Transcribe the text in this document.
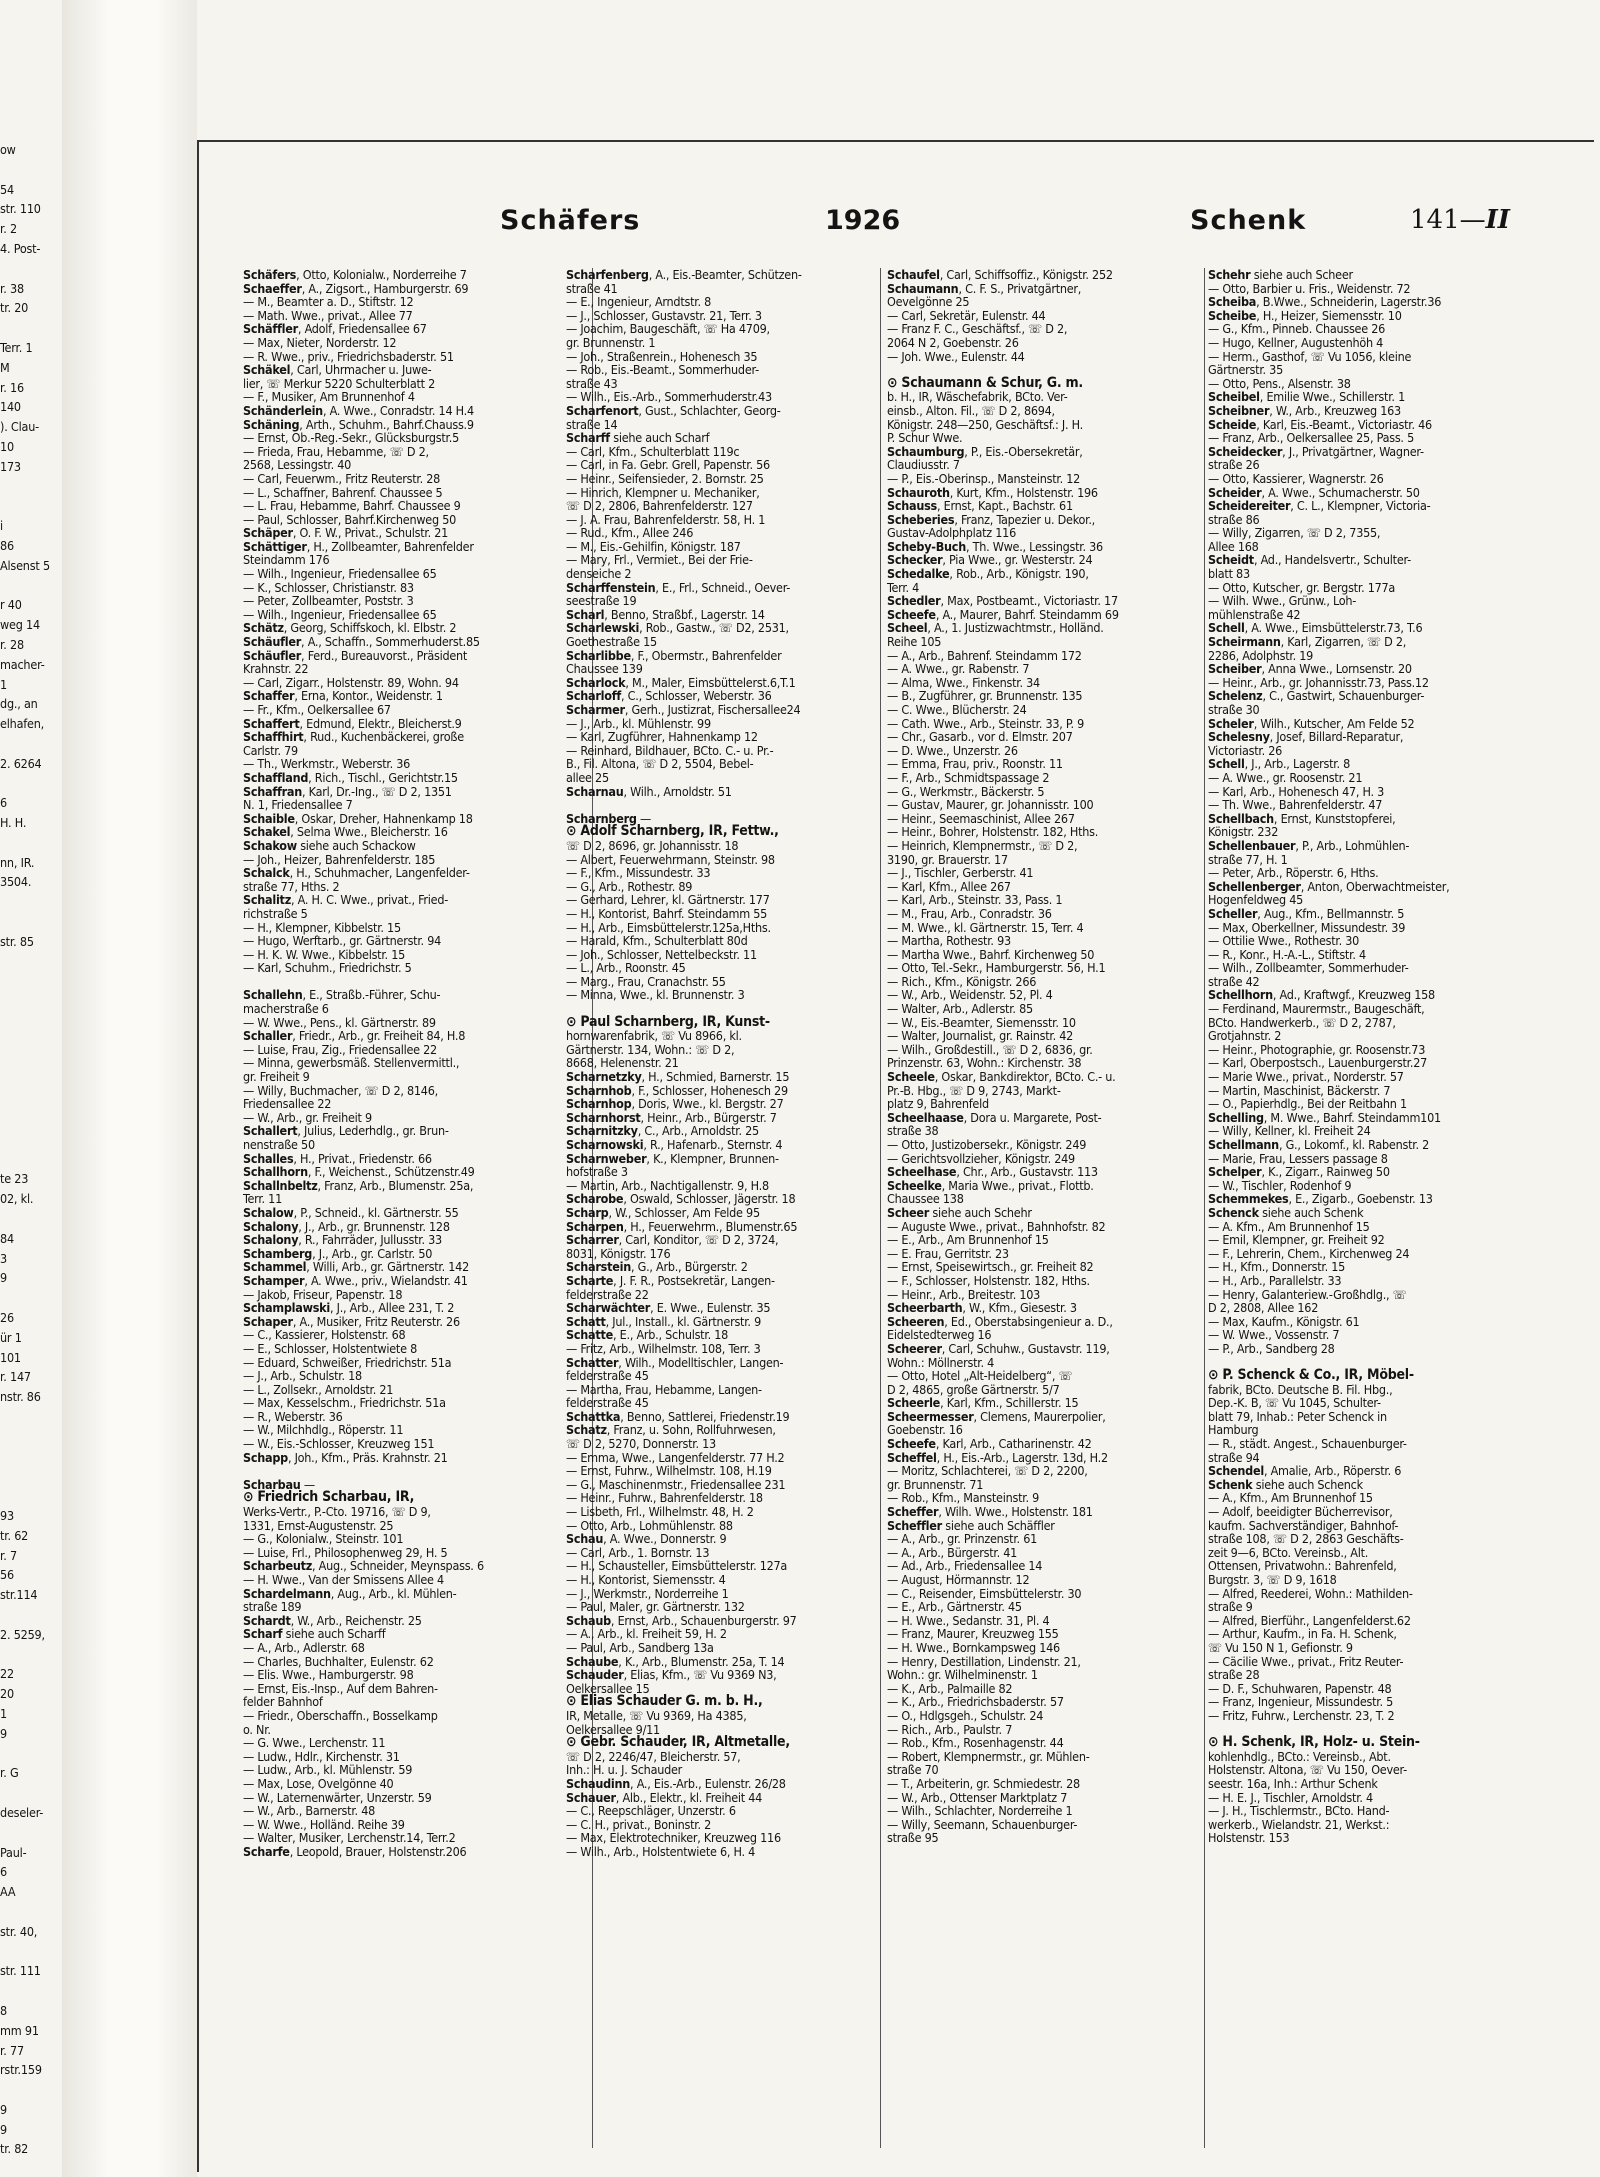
ow

54
str. 110
r. 2
4. Post-

r. 38
tr. 20

Terr. 1
M
r. 16
140
). Clau-
10
173

i
86
Alsenst 5

r 40
weg 14
r. 28
macher-
1
dg., an
elhafen,

2. 6264

6
H. H.

nn, IR.
3504.

str. 85

te 23
02, kl.

84
3
9

26
ür 1
101
r. 147
nstr. 86

93
tr. 62
r. 7
56
str.114

2. 5259,

22
20
1
9

r. G

deseler-

Paul-
6
AA

str. 40,

str. 111

8
mm 91
r. 77
rstr.159

9
9
tr. 82
Schäfers	1926	Schenk	141—II
Schäfers, Otto, Kolonialw., Norderreihe 7
Schaeffer, A., Zigsort., Hamburgerstr. 69
— M., Beamter a. D., Stiftstr. 12
— Math. Wwe., privat., Allee 77
Schäffler, Adolf, Friedensallee 67
— Max, Nieter, Norderstr. 12
— R. Wwe., priv., Friedrichsbaderstr. 51
Schäkel, Carl, Uhrmacher u. Juwe-
lier, ☏ Merkur 5220 Schulterblatt 2
— F., Musiker, Am Brunnenhof 4
Schänderlein, A. Wwe., Conradstr. 14 H.4
Schäning, Arth., Schuhm., Bahrf.Chauss.9
— Ernst, Ob.-Reg.-Sekr., Glücksburgstr.5
— Frieda, Frau, Hebamme, ☏ D 2,
2568, Lessingstr. 40
— Carl, Feuerwm., Fritz Reuterstr. 28
— L., Schaffner, Bahrenf. Chaussee 5
— L. Frau, Hebamme, Bahrf. Chaussee 9
— Paul, Schlosser, Bahrf.Kirchenweg 50
Schäper, O. F. W., Privat., Schulstr. 21
Schättiger, H., Zollbeamter, Bahrenfelder
Steindamm 176
— Wilh., Ingenieur, Friedensallee 65
— K., Schlosser, Christianstr. 83
— Peter, Zollbeamter, Poststr. 3
— Wilh., Ingenieur, Friedensallee 65
Schätz, Georg, Schiffskoch, kl. Elbstr. 2
Schäufler, A., Schaffn., Sommerhuderst.85
Schäufler, Ferd., Bureauvorst., Präsident
Krahnstr. 22
— Carl, Zigarr., Holstenstr. 89, Wohn. 94
Schaffer, Erna, Kontor., Weidenstr. 1
— Fr., Kfm., Oelkersallee 67
Schaffert, Edmund, Elektr., Bleicherst.9
Schaffhirt, Rud., Kuchenbäckerei, große
Carlstr. 79
— Th., Werkmstr., Weberstr. 36
Schaffland, Rich., Tischl., Gerichtstr.15
Schaffran, Karl, Dr.-Ing., ☏ D 2, 1351
N. 1, Friedensallee 7
Schaible, Oskar, Dreher, Hahnenkamp 18
Schakel, Selma Wwe., Bleicherstr. 16
Schakow siehe auch Schackow
— Joh., Heizer, Bahrenfelderstr. 185
Schalck, H., Schuhmacher, Langenfelder-
straße 77, Hths. 2
Schalitz, A. H. C. Wwe., privat., Fried-
richstraße 5
— H., Klempner, Kibbelstr. 15
— Hugo, Werftarb., gr. Gärtnerstr. 94
— H. K. W. Wwe., Kibbelstr. 15
— Karl, Schuhm., Friedrichstr. 5

Schallehn, E., Straßb.-Führer, Schu-
macherstraße 6
— W. Wwe., Pens., kl. Gärtnerstr. 89
Schaller, Friedr., Arb., gr. Freiheit 84, H.8
— Luise, Frau, Zig., Friedensallee 22
— Minna, gewerbsmäß. Stellenvermittl.,
gr. Freiheit 9
— Willy, Buchmacher, ☏ D 2, 8146,
Friedensallee 22
— W., Arb., gr. Freiheit 9
Schallert, Julius, Lederhdlg., gr. Brun-
nenstraße 50
Schalles, H., Privat., Friedenstr. 66
Schallhorn, F., Weichenst., Schützenstr.49
Schallnbeltz, Franz, Arb., Blumenstr. 25a,
Terr. 11
Schalow, P., Schneid., kl. Gärtnerstr. 55
Schalony, J., Arb., gr. Brunnenstr. 128
Schalony, R., Fahrräder, Jullusstr. 33
Schamberg, J., Arb., gr. Carlstr. 50
Schammel, Willi, Arb., gr. Gärtnerstr. 142
Schamper, A. Wwe., priv., Wielandstr. 41
— Jakob, Friseur, Papenstr. 18
Schamplawski, J., Arb., Allee 231, T. 2
Schaper, A., Musiker, Fritz Reuterstr. 26
— C., Kassierer, Holstenstr. 68
— E., Schlosser, Holstentwiete 8
— Eduard, Schweißer, Friedrichstr. 51a
— J., Arb., Schulstr. 18
— L., Zollsekr., Arnoldstr. 21
— Max, Kesselschm., Friedrichstr. 51a
— R., Weberstr. 36
— W., Milchhdlg., Röperstr. 11
— W., Eis.-Schlosser, Kreuzweg 151
Schapp, Joh., Kfm., Präs. Krahnstr. 21

Scharbau —
⊙ Friedrich Scharbau, IR,
Werks-Vertr., P.-Cto. 19716, ☏ D 9,
1331, Ernst-Augustenstr. 25
— G., Kolonialw., Steinstr. 101
— Luise, Frl., Philosophenweg 29, H. 5
Scharbeutz, Aug., Schneider, Meynspass. 6
— H. Wwe., Van der Smissens Allee 4
Schardelmann, Aug., Arb., kl. Mühlen-
straße 189
Schardt, W., Arb., Reichenstr. 25
Scharf siehe auch Scharff
— A., Arb., Adlerstr. 68
— Charles, Buchhalter, Eulenstr. 62
— Elis. Wwe., Hamburgerstr. 98
— Ernst, Eis.-Insp., Auf dem Bahren-
felder Bahnhof
— Friedr., Oberschaffn., Bosselkamp
o. Nr.
— G. Wwe., Lerchenstr. 11
— Ludw., Hdlr., Kirchenstr. 31
— Ludw., Arb., kl. Mühlenstr. 59
— Max, Lose, Ovelgönne 40
— W., Laternenwärter, Unzerstr. 59
— W., Arb., Barnerstr. 48
— W. Wwe., Holländ. Reihe 39
— Walter, Musiker, Lerchenstr.14, Terr.2
Scharfe, Leopold, Brauer, Holstenstr.206
Scharfenberg, A., Eis.-Beamter, Schützen-
straße 41
— E., Ingenieur, Arndtstr. 8
— J., Schlosser, Gustavstr. 21, Terr. 3
— Joachim, Baugeschäft, ☏ Ha 4709,
gr. Brunnenstr. 1
— Joh., Straßenrein., Hohenesch 35
— Rob., Eis.-Beamt., Sommerhuder-
straße 43
— Wilh., Eis.-Arb., Sommerhuderstr.43
Scharfenort, Gust., Schlachter, Georg-
straße 14
Scharff siehe auch Scharf
— Carl, Kfm., Schulterblatt 119c
— Carl, in Fa. Gebr. Grell, Papenstr. 56
— Heinr., Seifensieder, 2. Bornstr. 25
— Hinrich, Klempner u. Mechaniker,
☏ D 2, 2806, Bahrenfelderstr. 127
— J. A. Frau, Bahrenfelderstr. 58, H. 1
— Rud., Kfm., Allee 246
— M., Eis.-Gehilfin, Königstr. 187
— Mary, Frl., Vermiet., Bei der Frie-
denseiche 2
Scharffenstein, E., Frl., Schneid., Oever-
seestraße 19
Scharl, Benno, Straßbf., Lagerstr. 14
Scharlewski, Rob., Gastw., ☏ D2, 2531,
Goethestraße 15
Scharlibbe, F., Obermstr., Bahrenfelder
Chaussee 139
Scharlock, M., Maler, Eimsbüttelerst.6,T.1
Scharloff, C., Schlosser, Weberstr. 36
Scharmer, Gerh., Justizrat, Fischersallee24
— J., Arb., kl. Mühlenstr. 99
— Karl, Zugführer, Hahnenkamp 12
— Reinhard, Bildhauer, BCto. C.- u. Pr.-
B., Fil. Altona, ☏ D 2, 5504, Bebel-
allee 25
Scharnau, Wilh., Arnoldstr. 51

Scharnberg —
⊙ Adolf Scharnberg, IR, Fettw.,
☏ D 2, 8696, gr. Johannisstr. 18
— Albert, Feuerwehrmann, Steinstr. 98
— F., Kfm., Missundestr. 33
— G., Arb., Rothestr. 89
— Gerhard, Lehrer, kl. Gärtnerstr. 177
— H., Kontorist, Bahrf. Steindamm 55
— H., Arb., Eimsbüttelerstr.125a,Hths.
— Harald, Kfm., Schulterblatt 80d
— Joh., Schlosser, Nettelbeckstr. 11
— L., Arb., Roonstr. 45
— Marg., Frau, Cranachstr. 55
— Minna, Wwe., kl. Brunnenstr. 3

⊙ Paul Scharnberg, IR, Kunst-
hornwarenfabrik, ☏ Vu 8966, kl.
Gärtnerstr. 134, Wohn.: ☏ D 2,
8668, Helenenstr. 21
Scharnetzky, H., Schmied, Barnerstr. 15
Scharnhob, F., Schlosser, Hohenesch 29
Scharnhop, Doris, Wwe., kl. Bergstr. 27
Scharnhorst, Heinr., Arb., Bürgerstr. 7
Scharnitzky, C., Arb., Arnoldstr. 25
Scharnowski, R., Hafenarb., Sternstr. 4
Scharnweber, K., Klempner, Brunnen-
hofstraße 3
— Martin, Arb., Nachtigallenstr. 9, H.8
Scharobe, Oswald, Schlosser, Jägerstr. 18
Scharp, W., Schlosser, Am Felde 95
Scharpen, H., Feuerwehrm., Blumenstr.65
Scharrer, Carl, Konditor, ☏ D 2, 3724,
8031, Königstr. 176
Scharstein, G., Arb., Bürgerstr. 2
Scharte, J. F. R., Postsekretär, Langen-
felderstraße 22
Scharwächter, E. Wwe., Eulenstr. 35
Schatt, Jul., Install., kl. Gärtnerstr. 9
Schatte, E., Arb., Schulstr. 18
— Fritz, Arb., Wilhelmstr. 108, Terr. 3
Schatter, Wilh., Modelltischler, Langen-
felderstraße 45
— Martha, Frau, Hebamme, Langen-
felderstraße 45
Schattka, Benno, Sattlerei, Friedenstr.19
Schatz, Franz, u. Sohn, Rollfuhrwesen,
☏ D 2, 5270, Donnerstr. 13
— Emma, Wwe., Langenfelderstr. 77 H.2
— Ernst, Fuhrw., Wilhelmstr. 108, H.19
— G., Maschinenmstr., Friedensallee 231
— Heinr., Fuhrw., Bahrenfelderstr. 18
— Lisbeth, Frl., Wilhelmstr. 48, H. 2
— Otto, Arb., Lohmühlenstr. 88
Schau, A. Wwe., Donnerstr. 9
— Carl, Arb., 1. Bornstr. 13
— H., Schausteller, Eimsbüttelerstr. 127a
— H., Kontorist, Siemensstr. 4
— J., Werkmstr., Norderreihe 1
— Paul, Maler, gr. Gärtnerstr. 132
Schaub, Ernst, Arb., Schauenburgerstr. 97
— A., Arb., kl. Freiheit 59, H. 2
— Paul, Arb., Sandberg 13a
Schaube, K., Arb., Blumenstr. 25a, T. 14
Schauder, Elias, Kfm., ☏ Vu 9369 N3,
Oelkersallee 15
⊙ Elias Schauder G. m. b. H.,
IR, Metalle, ☏ Vu 9369, Ha 4385,
Oelkersallee 9/11
⊙ Gebr. Schauder, IR, Altmetalle,
☏ D 2, 2246/47, Bleicherstr. 57,
Inh.: H. u. J. Schauder
Schaudinn, A., Eis.-Arb., Eulenstr. 26/28
Schauer, Alb., Elektr., kl. Freiheit 44
— C., Reepschläger, Unzerstr. 6
— C. H., privat., Boninstr. 2
— Max, Elektrotechniker, Kreuzweg 116
— Wilh., Arb., Holstentwiete 6, H. 4
Schaufel, Carl, Schiffsoffiz., Königstr. 252
Schaumann, C. F. S., Privatgärtner,
Oevelgönne 25
— Carl, Sekretär, Eulenstr. 44
— Franz F. C., Geschäftsf., ☏ D 2,
2064 N 2, Goebenstr. 26
— Joh. Wwe., Eulenstr. 44

⊙ Schaumann & Schur, G. m.
b. H., IR, Wäschefabrik, BCto. Ver-
einsb., Alton. Fil., ☏ D 2, 8694,
Königstr. 248—250, Geschäftsf.: J. H.
P. Schur Wwe.
Schaumburg, P., Eis.-Obersekretär,
Claudiusstr. 7
— P., Eis.-Oberinsp., Mansteinstr. 12
Schauroth, Kurt, Kfm., Holstenstr. 196
Schauss, Ernst, Kapt., Bachstr. 61
Scheberies, Franz, Tapezier u. Dekor.,
Gustav-Adolphplatz 116
Scheby-Buch, Th. Wwe., Lessingstr. 36
Schecker, Pia Wwe., gr. Westerstr. 24
Schedalke, Rob., Arb., Königstr. 190,
Terr. 4
Schedler, Max, Postbeamt., Victoriastr. 17
Scheefe, A., Maurer, Bahrf. Steindamm 69
Scheel, A., 1. Justizwachtmstr., Holländ.
Reihe 105
— A., Arb., Bahrenf. Steindamm 172
— A. Wwe., gr. Rabenstr. 7
— Alma, Wwe., Finkenstr. 34
— B., Zugführer, gr. Brunnenstr. 135
— C. Wwe., Blücherstr. 24
— Cath. Wwe., Arb., Steinstr. 33, P. 9
— Chr., Gasarb., vor d. Elmstr. 207
— D. Wwe., Unzerstr. 26
— Emma, Frau, priv., Roonstr. 11
— F., Arb., Schmidtspassage 2
— G., Werkmstr., Bäckerstr. 5
— Gustav, Maurer, gr. Johannisstr. 100
— Heinr., Seemaschinist, Allee 267
— Heinr., Bohrer, Holstenstr. 182, Hths.
— Heinrich, Klempnermstr., ☏ D 2,
3190, gr. Brauerstr. 17
— J., Tischler, Gerberstr. 41
— Karl, Kfm., Allee 267
— Karl, Arb., Steinstr. 33, Pass. 1
— M., Frau, Arb., Conradstr. 36
— M. Wwe., kl. Gärtnerstr. 15, Terr. 4
— Martha, Rothestr. 93
— Martha Wwe., Bahrf. Kirchenweg 50
— Otto, Tel.-Sekr., Hamburgerstr. 56, H.1
— Rich., Kfm., Königstr. 266
— W., Arb., Weidenstr. 52, Pl. 4
— Walter, Arb., Adlerstr. 85
— W., Eis.-Beamter, Siemensstr. 10
— Walter, Journalist, gr. Rainstr. 42
— Wilh., Großdestill., ☏ D 2, 6836, gr.
Prinzenstr. 63, Wohn.: Kirchenstr. 38
Scheele, Oskar, Bankdirektor, BCto. C.- u.
Pr.-B. Hbg., ☏ D 9, 2743, Markt-
platz 9, Bahrenfeld
Scheelhaase, Dora u. Margarete, Post-
straße 38
— Otto, Justizobersekr., Königstr. 249
— Gerichtsvollzieher, Königstr. 249
Scheelhase, Chr., Arb., Gustavstr. 113
Scheelke, Maria Wwe., privat., Flottb.
Chaussee 138
Scheer siehe auch Schehr
— Auguste Wwe., privat., Bahnhofstr. 82
— E., Arb., Am Brunnenhof 15
— E. Frau, Gerritstr. 23
— Ernst, Speisewirtsch., gr. Freiheit 82
— F., Schlosser, Holstenstr. 182, Hths.
— Heinr., Arb., Breitestr. 103
Scheerbarth, W., Kfm., Giesestr. 3
Scheeren, Ed., Oberstabsingenieur a. D.,
Eidelstedterweg 16
Scheerer, Carl, Schuhw., Gustavstr. 119,
Wohn.: Möllnerstr. 4
— Otto, Hotel „Alt-Heidelberg“, ☏
D 2, 4865, große Gärtnerstr. 5/7
Scheerle, Karl, Kfm., Schillerstr. 15
Scheermesser, Clemens, Maurerpolier,
Goebenstr. 16
Scheefe, Karl, Arb., Catharinenstr. 42
Scheffel, H., Eis.-Arb., Lagerstr. 13d, H.2
— Moritz, Schlachterei, ☏ D 2, 2200,
gr. Brunnenstr. 71
— Rob., Kfm., Mansteinstr. 9
Scheffer, Wilh. Wwe., Holstenstr. 181
Scheffler siehe auch Schäffler
— A., Arb., gr. Prinzenstr. 61
— A., Arb., Bürgerstr. 41
— Ad., Arb., Friedensallee 14
— August, Hörmannstr. 12
— C., Reisender, Eimsbüttelerstr. 30
— E., Arb., Gärtnerstr. 45
— H. Wwe., Sedanstr. 31, Pl. 4
— Franz, Maurer, Kreuzweg 155
— H. Wwe., Bornkampsweg 146
— Henry, Destillation, Lindenstr. 21,
Wohn.: gr. Wilhelminenstr. 1
— K., Arb., Palmaille 82
— K., Arb., Friedrichsbaderstr. 57
— O., Hdlgsgeh., Schulstr. 24
— Rich., Arb., Paulstr. 7
— Rob., Kfm., Rosenhagenstr. 44
— Robert, Klempnermstr., gr. Mühlen-
straße 70
— T., Arbeiterin, gr. Schmiedestr. 28
— W., Arb., Ottenser Marktplatz 7
— Wilh., Schlachter, Norderreihe 1
— Willy, Seemann, Schauenburger-
straße 95
Schehr siehe auch Scheer
— Otto, Barbier u. Fris., Weidenstr. 72
Scheiba, B.Wwe., Schneiderin, Lagerstr.36
Scheibe, H., Heizer, Siemensstr. 10
— G., Kfm., Pinneb. Chaussee 26
— Hugo, Kellner, Augustenhöh 4
— Herm., Gasthof, ☏ Vu 1056, kleine
Gärtnerstr. 35
— Otto, Pens., Alsenstr. 38
Scheibel, Emilie Wwe., Schillerstr. 1
Scheibner, W., Arb., Kreuzweg 163
Scheide, Karl, Eis.-Beamt., Victoriastr. 46
— Franz, Arb., Oelkersallee 25, Pass. 5
Scheidecker, J., Privatgärtner, Wagner-
straße 26
— Otto, Kassierer, Wagnerstr. 26
Scheider, A. Wwe., Schumacherstr. 50
Scheidereiter, C. L., Klempner, Victoria-
straße 86
— Willy, Zigarren, ☏ D 2, 7355,
Allee 168
Scheidt, Ad., Handelsvertr., Schulter-
blatt 83
— Otto, Kutscher, gr. Bergstr. 177a
— Wilh. Wwe., Grünw., Loh-
mühlenstraße 42
Schell, A. Wwe., Eimsbüttelerstr.73, T.6
Scheirmann, Karl, Zigarren, ☏ D 2,
2286, Adolphstr. 19
Scheiber, Anna Wwe., Lornsenstr. 20
— Heinr., Arb., gr. Johannisstr.73, Pass.12
Schelenz, C., Gastwirt, Schauenburger-
straße 30
Scheler, Wilh., Kutscher, Am Felde 52
Schelesny, Josef, Billard-Reparatur,
Victoriastr. 26
Schell, J., Arb., Lagerstr. 8
— A. Wwe., gr. Roosenstr. 21
— Karl, Arb., Hohenesch 47, H. 3
— Th. Wwe., Bahrenfelderstr. 47
Schellbach, Ernst, Kunststopferei,
Königstr. 232
Schellenbauer, P., Arb., Lohmühlen-
straße 77, H. 1
— Peter, Arb., Röperstr. 6, Hths.
Schellenberger, Anton, Oberwachtmeister,
Hogenfeldweg 45
Scheller, Aug., Kfm., Bellmannstr. 5
— Max, Oberkellner, Missundestr. 39
— Ottilie Wwe., Rothestr. 30
— R., Konr., H.-A.-L., Stiftstr. 4
— Wilh., Zollbeamter, Sommerhuder-
straße 42
Schellhorn, Ad., Kraftwgf., Kreuzweg 158
— Ferdinand, Maurermstr., Baugeschäft,
BCto. Handwerkerb., ☏ D 2, 2787,
Grotjahnstr. 2
— Heinr., Photographie, gr. Roosenstr.73
— Karl, Oberpostsch., Lauenburgerstr.27
— Marie Wwe., privat., Norderstr. 57
— Martin, Maschinist, Bäckerstr. 7
— O., Papierhdlg., Bei der Reitbahn 1
Schelling, M. Wwe., Bahrf. Steindamm101
— Willy, Kellner, kl. Freiheit 24
Schellmann, G., Lokomf., kl. Rabenstr. 2
— Marie, Frau, Lessers passage 8
Schelper, K., Zigarr., Rainweg 50
— W., Tischler, Rodenhof 9
Schemmekes, E., Zigarb., Goebenstr. 13
Schenck siehe auch Schenk
— A. Kfm., Am Brunnenhof 15
— Emil, Klempner, gr. Freiheit 92
— F., Lehrerin, Chem., Kirchenweg 24
— H., Kfm., Donnerstr. 15
— H., Arb., Parallelstr. 33
— Henry, Galanteriew.-Großhdlg., ☏
D 2, 2808, Allee 162
— Max, Kaufm., Königstr. 61
— W. Wwe., Vossenstr. 7
— P., Arb., Sandberg 28

⊙ P. Schenck & Co., IR, Möbel-
fabrik, BCto. Deutsche B. Fil. Hbg.,
Dep.-K. B, ☏ Vu 1045, Schulter-
blatt 79, Inhab.: Peter Schenck in
Hamburg
— R., städt. Angest., Schauenburger-
straße 94
Schendel, Amalie, Arb., Röperstr. 6
Schenk siehe auch Schenck
— A., Kfm., Am Brunnenhof 15
— Adolf, beeidigter Bücherrevisor,
kaufm. Sachverständiger, Bahnhof-
straße 108, ☏ D 2, 2863 Geschäfts-
zeit 9—6, BCto. Vereinsb., Alt.
Ottensen, Privatwohn.: Bahrenfeld,
Burgstr. 3, ☏ D 9, 1618
— Alfred, Reederei, Wohn.: Mathilden-
straße 9
— Alfred, Bierführ., Langenfelderst.62
— Arthur, Kaufm., in Fa. H. Schenk,
☏ Vu 150 N 1, Gefionstr. 9
— Cäcilie Wwe., privat., Fritz Reuter-
straße 28
— D. F., Schuhwaren, Papenstr. 48
— Franz, Ingenieur, Missundestr. 5
— Fritz, Fuhrw., Lerchenstr. 23, T. 2

⊙ H. Schenk, IR, Holz- u. Stein-
kohlenhdlg., BCto.: Vereinsb., Abt.
Holstenstr. Altona, ☏ Vu 150, Oever-
seestr. 16a, Inh.: Arthur Schenk
— H. E. J., Tischler, Arnoldstr. 4
— J. H., Tischlermstr., BCto. Hand-
werkerb., Wielandstr. 21, Werkst.:
Holstenstr. 153
